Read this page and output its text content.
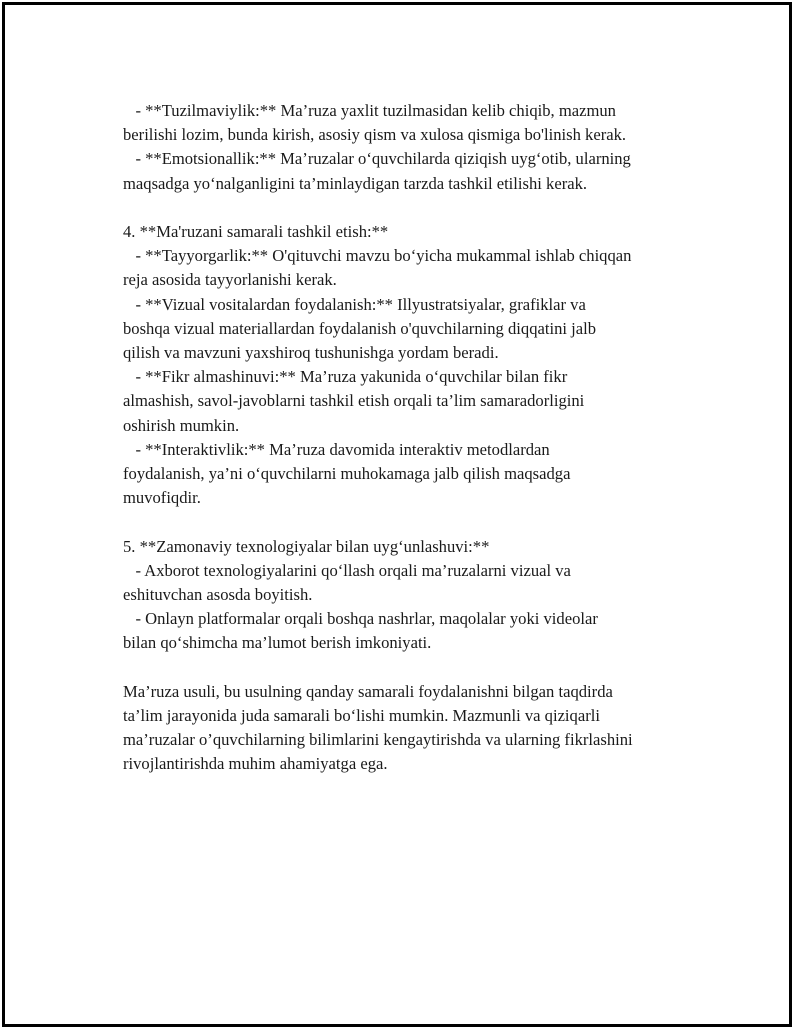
- **Tuzilmaviylik:** Ma’ruza yaxlit tuzilmasidan kelib chiqib, mazmun
berilishi lozim, bunda kirish, asosiy qism va xulosa qismiga bo'linish kerak.
- **Emotsionallik:** Ma’ruzalar o‘quvchilarda qiziqish uyg‘otib, ularning
maqsadga yo‘nalganligini ta’minlaydigan tarzda tashkil etilishi kerak.
4. **Ma'ruzani samarali tashkil etish:**
- **Tayyorgarlik:** O'qituvchi mavzu bo‘yicha mukammal ishlab chiqqan
reja asosida tayyorlanishi kerak.
- **Vizual vositalardan foydalanish:** Illyustratsiyalar, grafiklar va
boshqa vizual materiallardan foydalanish o'quvchilarning diqqatini jalb
qilish va mavzuni yaxshiroq tushunishga yordam beradi.
- **Fikr almashinuvi:** Ma’ruza yakunida o‘quvchilar bilan fikr
almashish, savol-javoblarni tashkil etish orqali ta’lim samaradorligini
oshirish mumkin.
- **Interaktivlik:** Ma’ruza davomida interaktiv metodlardan
foydalanish, ya’ni o‘quvchilarni muhokamaga jalb qilish maqsadga
muvofiqdir.
5. **Zamonaviy texnologiyalar bilan uyg‘unlashuvi:**
- Axborot texnologiyalarini qo‘llash orqali ma’ruzalarni vizual va
eshituvchan asosda boyitish.
- Onlayn platformalar orqali boshqa nashrlar, maqolalar yoki videolar
bilan qo‘shimcha ma’lumot berish imkoniyati.
Ma’ruza usuli, bu usulning qanday samarali foydalanishni bilgan taqdirda
ta’lim jarayonida juda samarali bo‘lishi mumkin. Mazmunli va qiziqarli
ma’ruzalar o’quvchilarning bilimlarini kengaytirishda va ularning fikrlashini
rivojlantirishda muhim ahamiyatga ega.
